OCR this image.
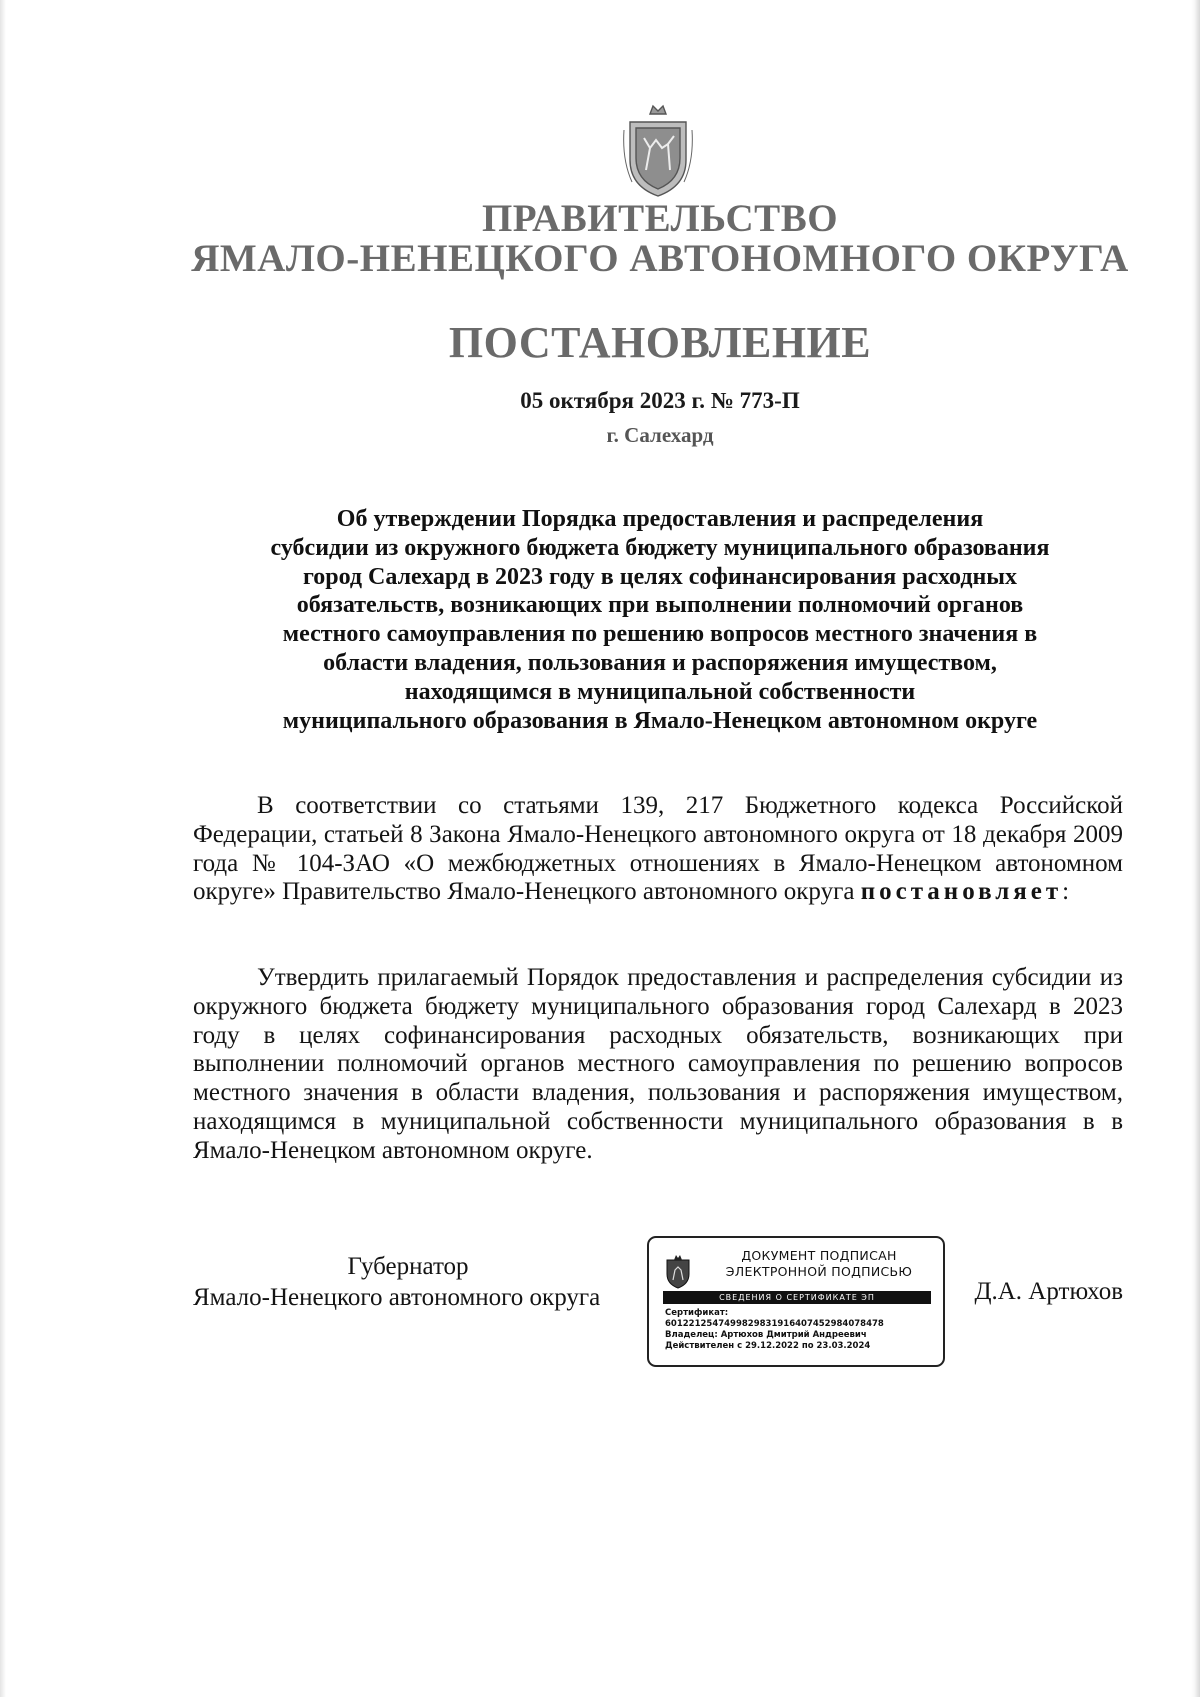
ПРАВИТЕЛЬСТВО
ЯМАЛО-НЕНЕЦКОГО АВТОНОМНОГО ОКРУГА
ПОСТАНОВЛЕНИЕ
05 октября 2023 г. № 773-П
г. Салехард
Об утверждении Порядка предоставления и распределения
субсидии из окружного бюджета бюджету муниципального образования
город Салехард в 2023 году в целях софинансирования расходных
обязательств, возникающих при выполнении полномочий органов
местного самоуправления по решению вопросов местного значения в
области владения, пользования и распоряжения имуществом,
находящимся в муниципальной собственности
муниципального образования в Ямало-Ненецком автономном округе
В соответствии со статьями 139, 217 Бюджетного кодекса Российской Федерации, статьей 8 Закона Ямало-Ненецкого автономного округа от 18 декабря 2009 года № 104-ЗАО «О межбюджетных отношениях в Ямало-Ненецком автономном округе» Правительство Ямало-Ненецкого автономного округа постановляет:
Утвердить прилагаемый Порядок предоставления и распределения субсидии из окружного бюджета бюджету муниципального образования город Салехард в 2023 году в целях софинансирования расходных обязательств, возникающих при выполнении полномочий органов местного самоуправления по решению вопросов местного значения в области владения, пользования и распоряжения имуществом, находящимся в муниципальной собственности муниципального образования в в Ямало-Ненецком автономном округе.
Губернатор
Ямало-Ненецкого автономного округа
ДОКУМЕНТ ПОДПИСАН
ЭЛЕКТРОННОЙ ПОДПИСЬЮ
СВЕДЕНИЯ О СЕРТИФИКАТЕ ЭП
Сертификат:
6012212547499829831916407452984078478
Владелец: Артюхов Дмитрий Андреевич
Действителен с 29.12.2022 по 23.03.2024
Д.А. Артюхов
